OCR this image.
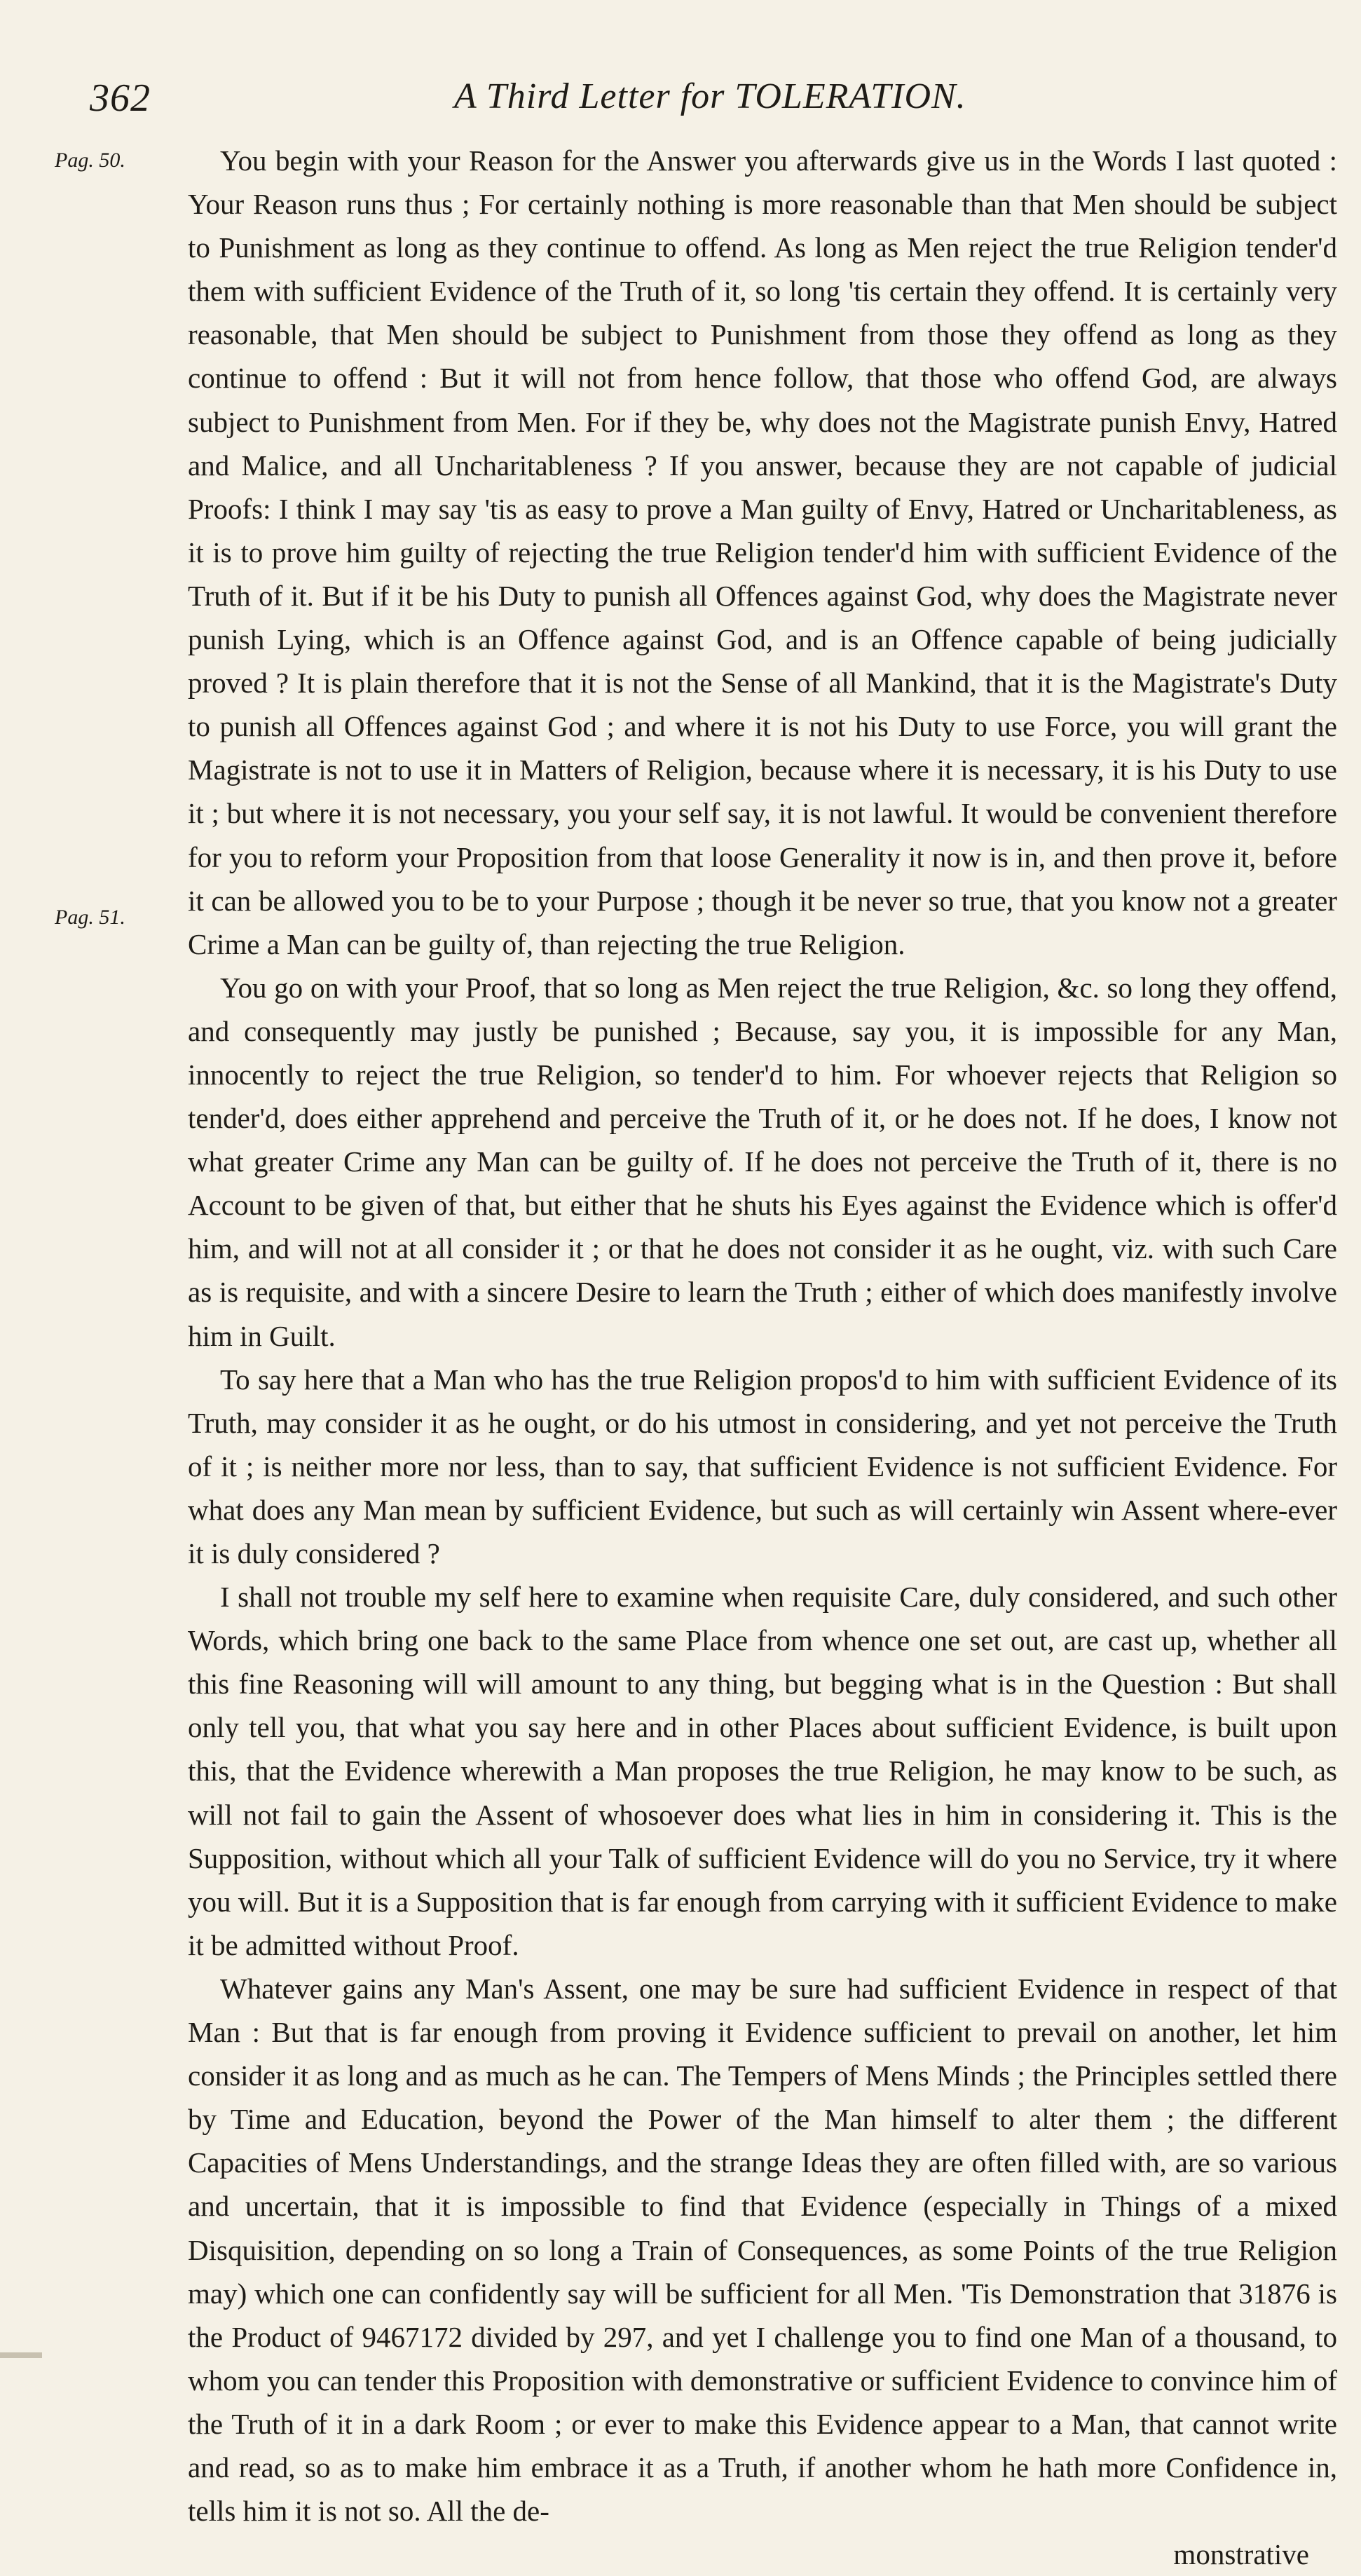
362	A Third Letter for TOLERATION.
Pag. 50.
Pag. 51.

You begin with your Reason for the Answer you afterwards give us in the Words I last quoted : Your Reason runs thus ; For certainly nothing is more reasonable than that Men should be subject to Punishment as long as they continue to offend. As long as Men reject the true Religion tender'd them with sufficient Evidence of the Truth of it, so long 'tis certain they offend. It is certainly very reasonable, that Men should be subject to Punishment from those they offend as long as they continue to offend : But it will not from hence follow, that those who offend God, are always subject to Punishment from Men. For if they be, why does not the Magistrate punish Envy, Hatred and Malice, and all Uncharitableness ? If you answer, because they are not capable of judicial Proofs: I think I may say 'tis as easy to prove a Man guilty of Envy, Hatred or Uncharitableness, as it is to prove him guilty of rejecting the true Religion tender'd him with sufficient Evidence of the Truth of it. But if it be his Duty to punish all Offences against God, why does the Magistrate never punish Lying, which is an Offence against God, and is an Offence capable of being judicially proved ? It is plain therefore that it is not the Sense of all Mankind, that it is the Magistrate's Duty to punish all Offences against God ; and where it is not his Duty to use Force, you will grant the Magistrate is not to use it in Matters of Religion, because where it is necessary, it is his Duty to use it ; but where it is not necessary, you your self say, it is not lawful. It would be convenient therefore for you to reform your Proposition from that loose Generality it now is in, and then prove it, before it can be allowed you to be to your Purpose ; though it be never so true, that you know not a greater Crime a Man can be guilty of, than rejecting the true Religion.

You go on with your Proof, that so long as Men reject the true Religion, &c. so long they offend, and consequently may justly be punished ; Because, say you, it is impossible for any Man, innocently to reject the true Religion, so tender'd to him. For whoever rejects that Religion so tender'd, does either apprehend and perceive the Truth of it, or he does not. If he does, I know not what greater Crime any Man can be guilty of. If he does not perceive the Truth of it, there is no Account to be given of that, but either that he shuts his Eyes against the Evidence which is offer'd him, and will not at all consider it ; or that he does not consider it as he ought, viz. with such Care as is requisite, and with a sincere Desire to learn the Truth ; either of which does manifestly involve him in Guilt.

To say here that a Man who has the true Religion propos'd to him with sufficient Evidence of its Truth, may consider it as he ought, or do his utmost in considering, and yet not perceive the Truth of it ; is neither more nor less, than to say, that sufficient Evidence is not sufficient Evidence. For what does any Man mean by sufficient Evidence, but such as will certainly win Assent where-ever it is duly considered ?

I shall not trouble my self here to examine when requisite Care, duly considered, and such other Words, which bring one back to the same Place from whence one set out, are cast up, whether all this fine Reasoning will will amount to any thing, but begging what is in the Question : But shall only tell you, that what you say here and in other Places about sufficient Evidence, is built upon this, that the Evidence wherewith a Man proposes the true Religion, he may know to be such, as will not fail to gain the Assent of whosoever does what lies in him in considering it. This is the Supposition, without which all your Talk of sufficient Evidence will do you no Service, try it where you will. But it is a Supposition that is far enough from carrying with it sufficient Evidence to make it be admitted without Proof.

Whatever gains any Man's Assent, one may be sure had sufficient Evidence in respect of that Man : But that is far enough from proving it Evidence sufficient to prevail on another, let him consider it as long and as much as he can. The Tempers of Mens Minds ; the Principles settled there by Time and Education, beyond the Power of the Man himself to alter them ; the different Capacities of Mens Understandings, and the strange Ideas they are often filled with, are so various and uncertain, that it is impossible to find that Evidence (especially in Things of a mixed Disquisition, depending on so long a Train of Consequences, as some Points of the true Religion may) which one can confidently say will be sufficient for all Men. 'Tis Demonstration that 31876 is the Product of 9467172 divided by 297, and yet I challenge you to find one Man of a thousand, to whom you can tender this Proposition with demonstrative or sufficient Evidence to convince him of the Truth of it in a dark Room ; or ever to make this Evidence appear to a Man, that cannot write and read, so as to make him embrace it as a Truth, if another whom he hath more Confidence in, tells him it is not so. All the de-

monstrative
